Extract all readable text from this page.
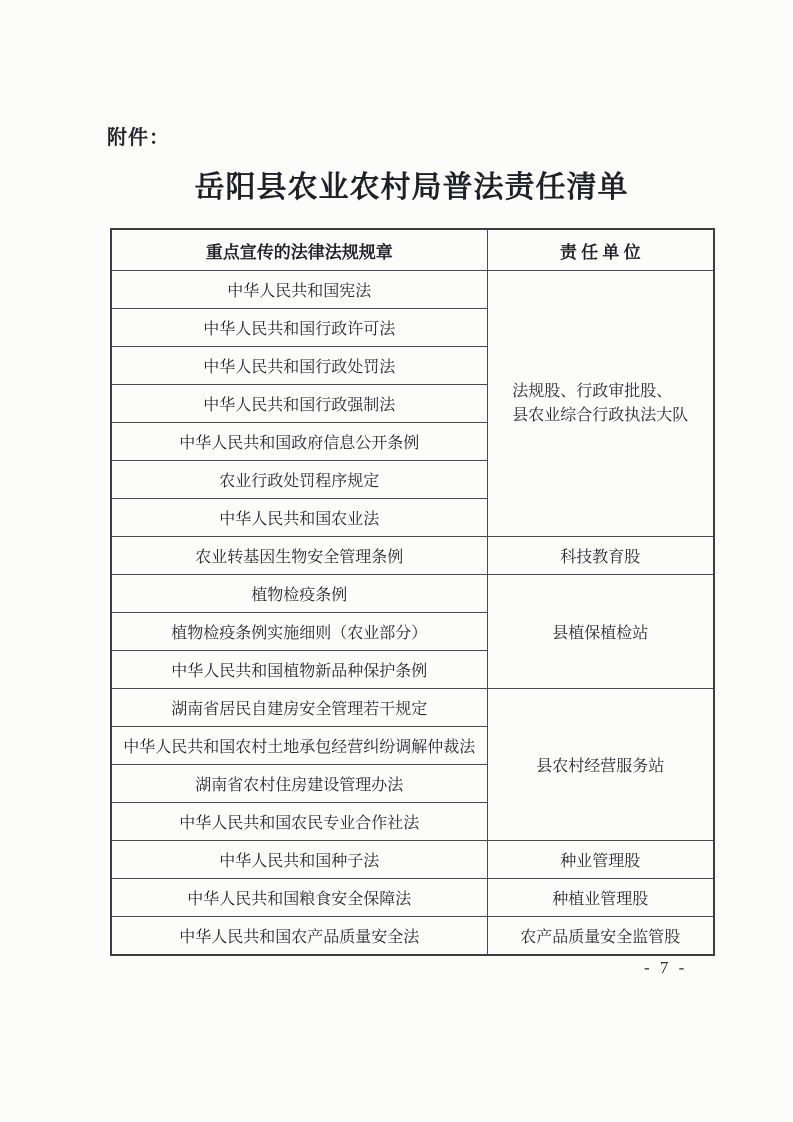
附件：
岳阳县农业农村局普法责任清单
重点宣传的法律法规规章	责 任 单 位
中华人民共和国宪法	法规股、行政审批股、
县农业综合行政执法大队

中华人民共和国行政许可法	
中华人民共和国行政处罚法	
中华人民共和国行政强制法	
中华人民共和国政府信息公开条例	
农业行政处罚程序规定	
中华人民共和国农业法	
农业转基因生物安全管理条例	科技教育股
植物检疫条例	县植保植检站
植物检疫条例实施细则（农业部分）	
中华人民共和国植物新品种保护条例	
湖南省居民自建房安全管理若干规定	县农村经营服务站
中华人民共和国农村土地承包经营纠纷调解仲裁法	
湖南省农村住房建设管理办法	
中华人民共和国农民专业合作社法	
中华人民共和国种子法	种业管理股
中华人民共和国粮食安全保障法	种植业管理股
中华人民共和国农产品质量安全法	农产品质量安全监管股
- 7 -
